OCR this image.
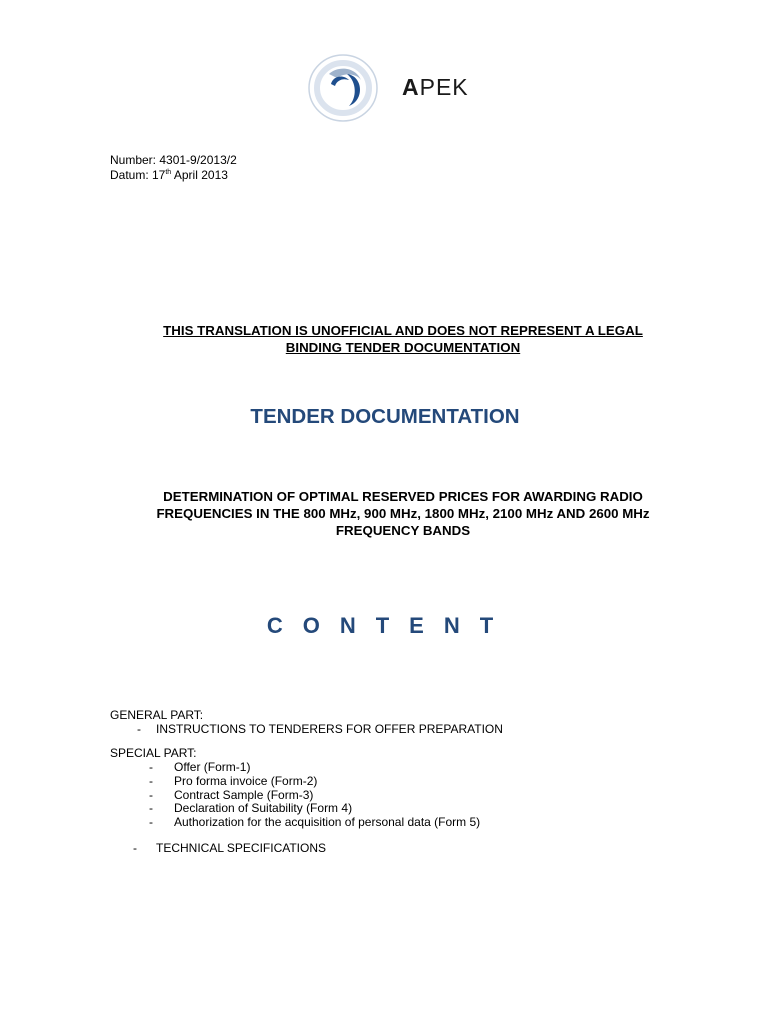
APEK
Number: 4301-9/2013/2
Datum: 17th April 2013
THIS TRANSLATION IS UNOFFICIAL AND DOES NOT REPRESENT A LEGAL
BINDING TENDER DOCUMENTATION
TENDER DOCUMENTATION
DETERMINATION OF OPTIMAL RESERVED PRICES FOR AWARDING RADIO
FREQUENCIES IN THE 800 MHz, 900 MHz, 1800 MHz, 2100 MHz AND 2600 MHz
FREQUENCY BANDS
CONTENT
GENERAL PART:
- INSTRUCTIONS TO TENDERERS FOR OFFER PREPARATION
SPECIAL PART:
- Offer (Form-1)
- Pro forma invoice (Form-2)
- Contract Sample (Form-3)
- Declaration of Suitability (Form 4)
- Authorization for the acquisition of personal data (Form 5)
- TECHNICAL SPECIFICATIONS
